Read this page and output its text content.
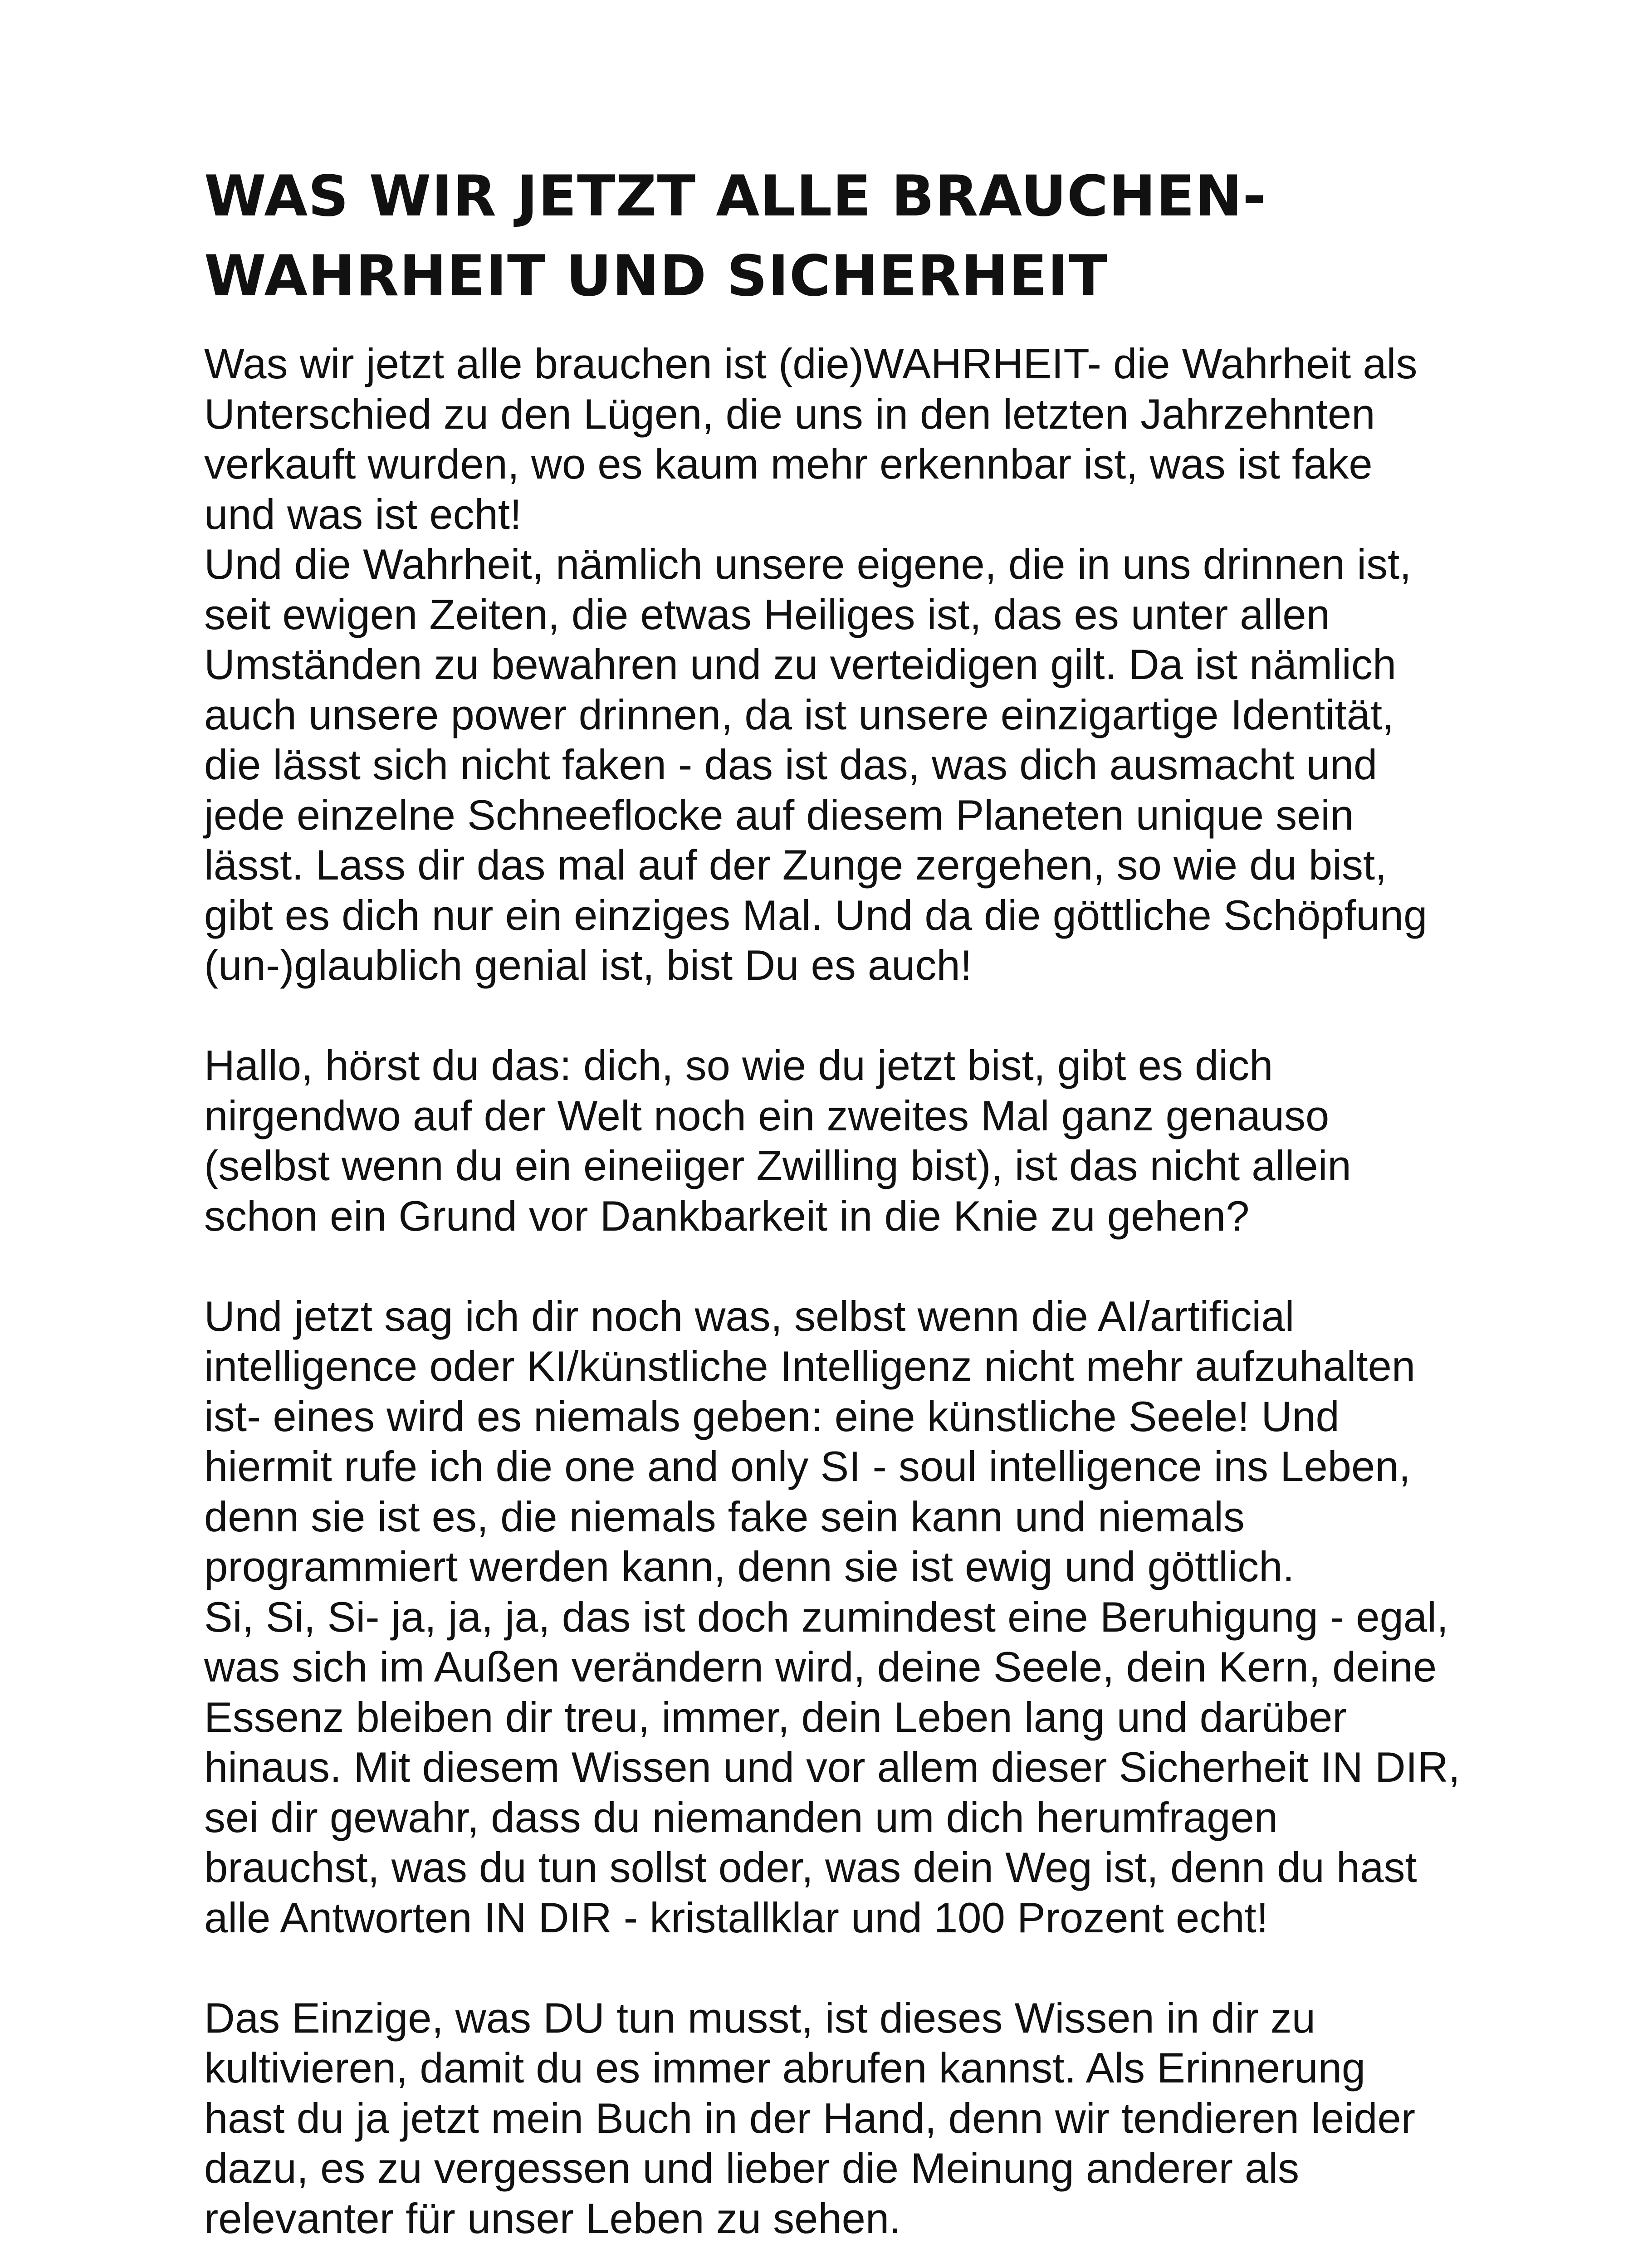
WAS WIR JETZT ALLE BRAUCHEN-
WAHRHEIT UND SICHERHEIT

Was wir jetzt alle brauchen ist (die)WAHRHEIT- die Wahrheit als
Unterschied zu den Lügen, die uns in den letzten Jahrzehnten
verkauft wurden, wo es kaum mehr erkennbar ist, was ist fake
und was ist echt!

Und die Wahrheit, nämlich unsere eigene, die in uns drinnen ist,
seit ewigen Zeiten, die etwas Heiliges ist, das es unter allen
Umständen zu bewahren und zu verteidigen gilt. Da ist nämlich
auch unsere power drinnen, da ist unsere einzigartige Identität,
die lässt sich nicht faken - das ist das, was dich ausmacht und
jede einzelne Schneeflocke auf diesem Planeten unique sein
lässt. Lass dir das mal auf der Zunge zergehen, so wie du bist,
gibt es dich nur ein einziges Mal. Und da die göttliche Schöpfung
(un-)glaublich genial ist, bist Du es auch!

Hallo, hörst du das: dich, so wie du jetzt bist, gibt es dich
nirgendwo auf der Welt noch ein zweites Mal ganz genauso
(selbst wenn du ein eineiiger Zwilling bist), ist das nicht allein
schon ein Grund vor Dankbarkeit in die Knie zu gehen?

Und jetzt sag ich dir noch was, selbst wenn die AI/artificial
intelligence oder KI/künstliche Intelligenz nicht mehr aufzuhalten
ist- eines wird es niemals geben: eine künstliche Seele! Und
hiermit rufe ich die one and only SI - soul intelligence ins Leben,
denn sie ist es, die niemals fake sein kann und niemals
programmiert werden kann, denn sie ist ewig und göttlich.

Si, Si, Si- ja, ja, ja, das ist doch zumindest eine Beruhigung - egal,
was sich im Außen verändern wird, deine Seele, dein Kern, deine
Essenz bleiben dir treu, immer, dein Leben lang und darüber
hinaus. Mit diesem Wissen und vor allem dieser Sicherheit IN DIR,
sei dir gewahr, dass du niemanden um dich herumfragen
brauchst, was du tun sollst oder, was dein Weg ist, denn du hast
alle Antworten IN DIR - kristallklar und 100 Prozent echt!

Das Einzige, was DU tun musst, ist dieses Wissen in dir zu
kultivieren, damit du es immer abrufen kannst. Als Erinnerung
hast du ja jetzt mein Buch in der Hand, denn wir tendieren leider
dazu, es zu vergessen und lieber die Meinung anderer als
relevanter für unser Leben zu sehen.
